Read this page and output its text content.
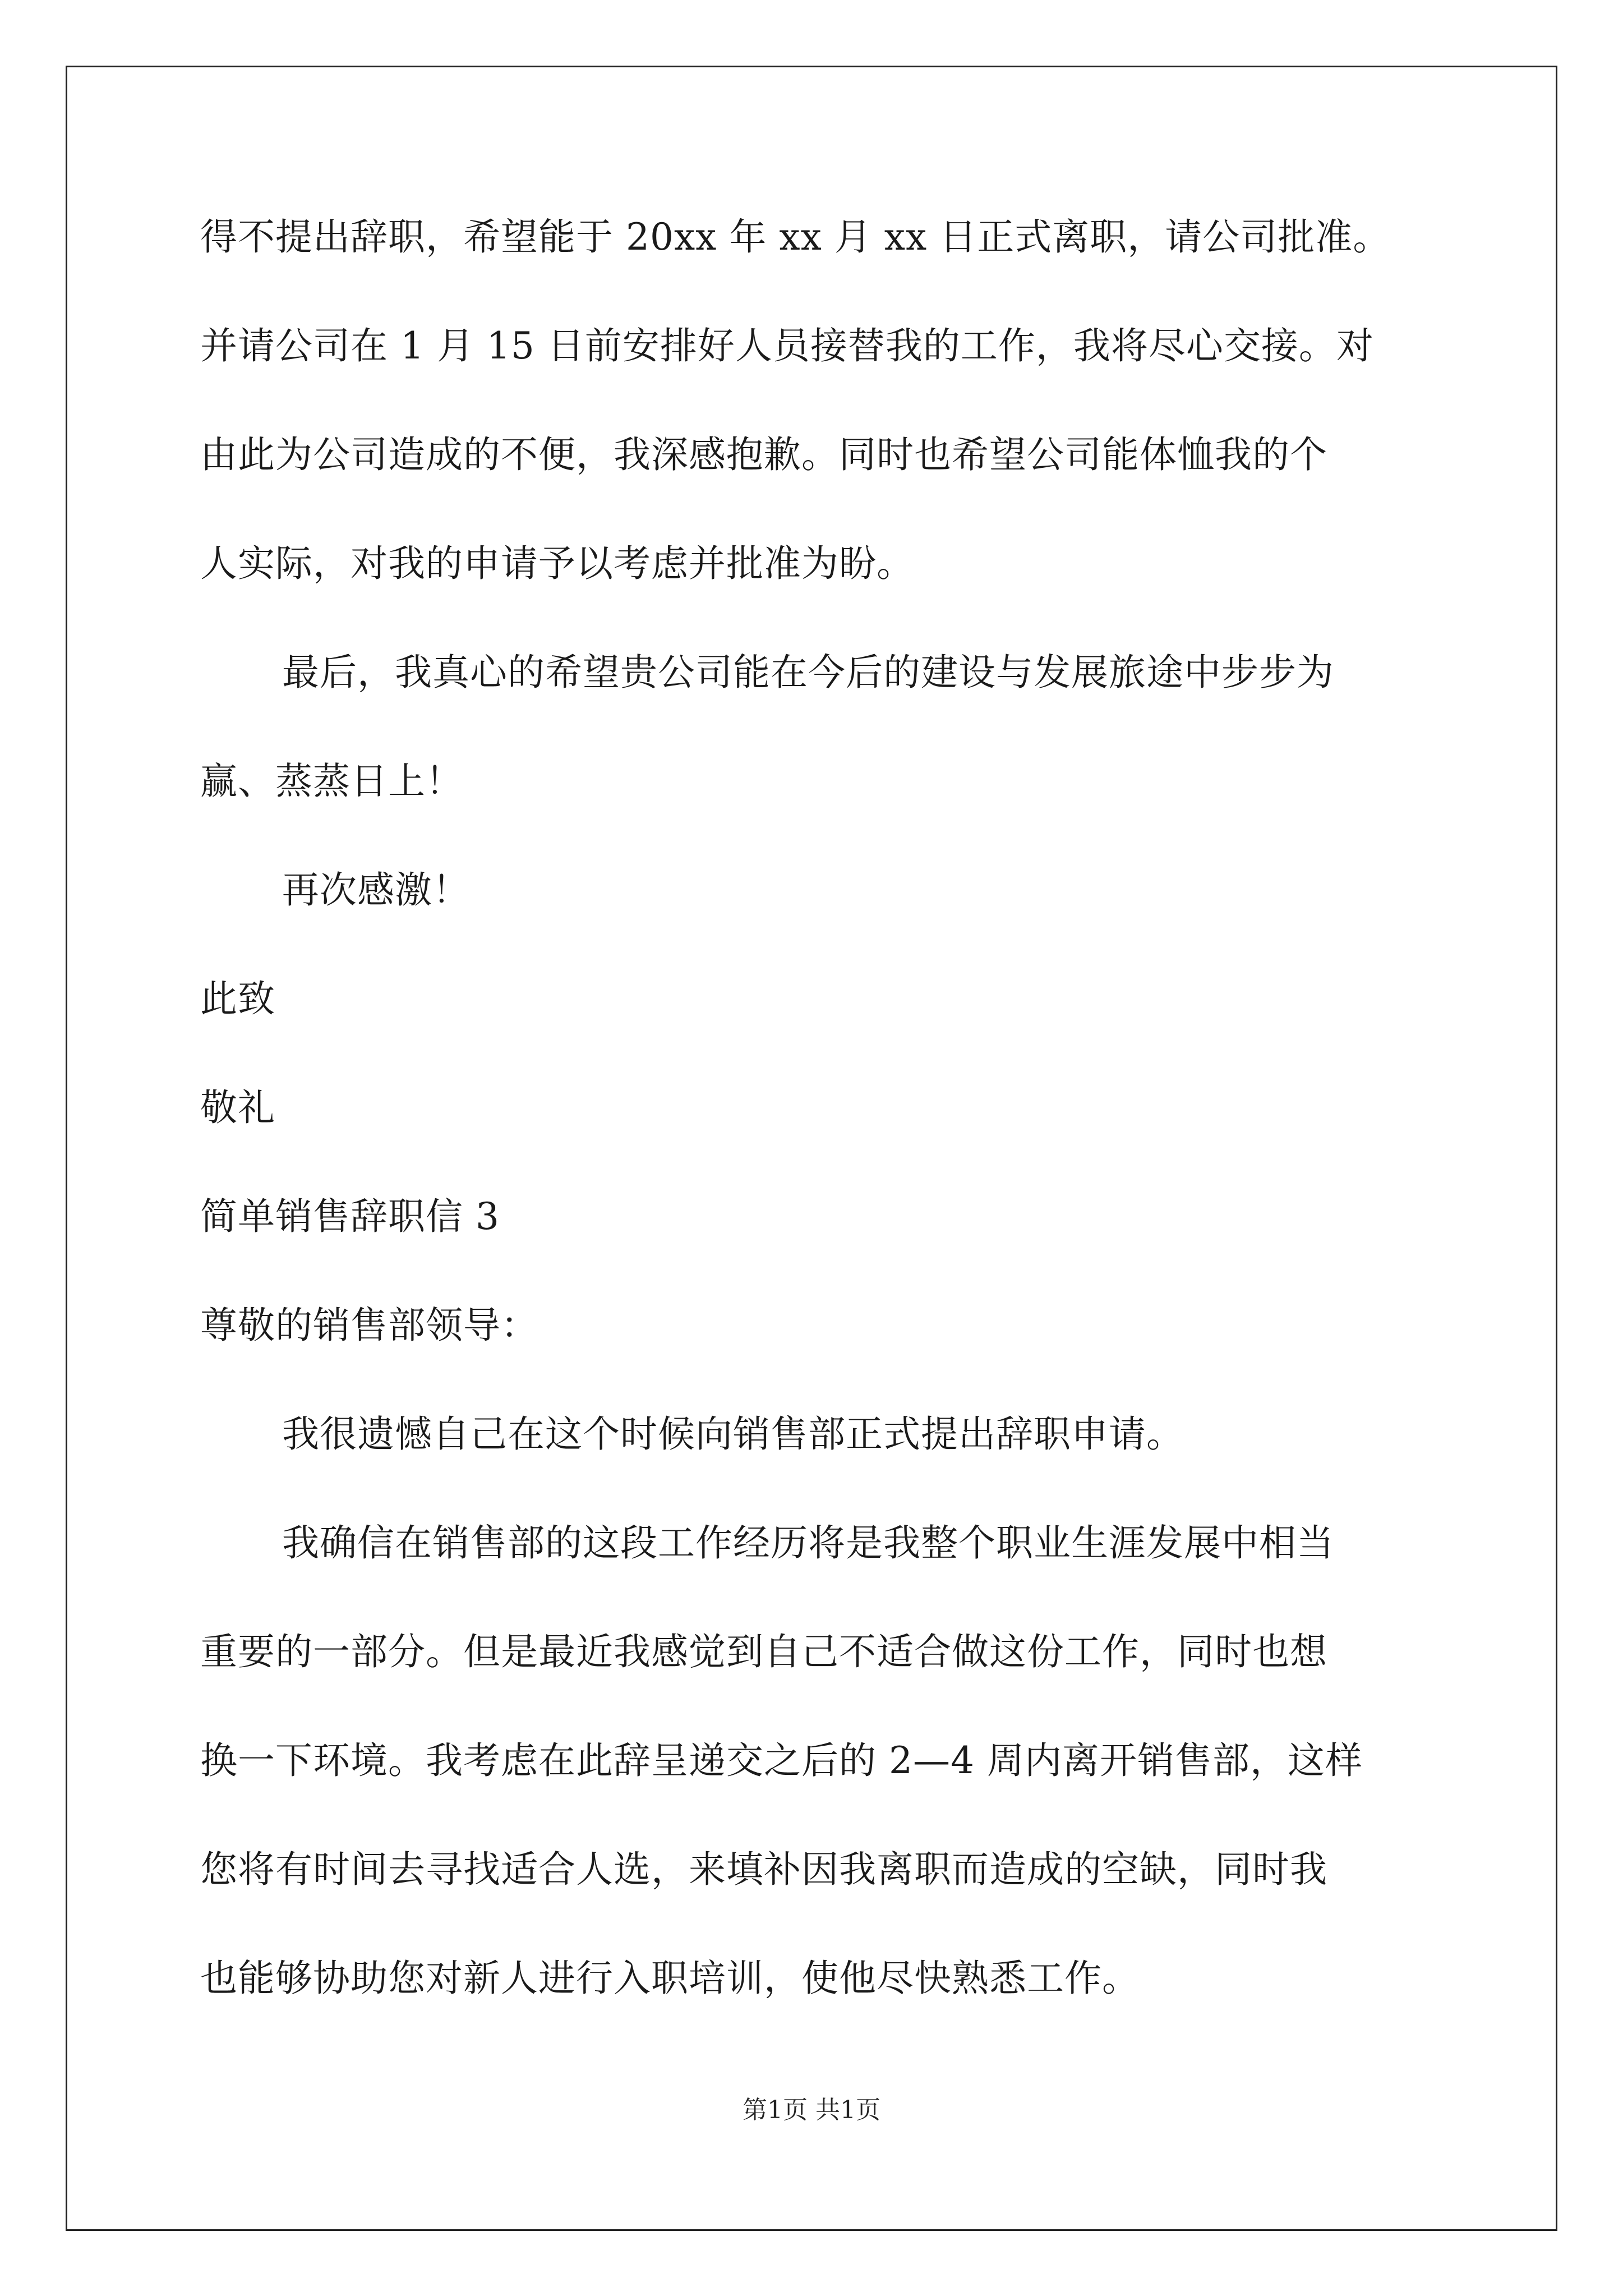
得不提出辞职，希望能于 20xx 年 xx 月 xx 日正式离职，请公司批准。
并请公司在 1 月 15 日前安排好人员接替我的工作，我将尽心交接。对
由此为公司造成的不便，我深感抱歉。同时也希望公司能体恤我的个
人实际，对我的申请予以考虑并批准为盼。
最后，我真心的希望贵公司能在今后的建设与发展旅途中步步为
赢、蒸蒸日上！
再次感激！
此致
敬礼
简单销售辞职信 3
尊敬的销售部领导：
我很遗憾自己在这个时候向销售部正式提出辞职申请。
我确信在销售部的这段工作经历将是我整个职业生涯发展中相当
重要的一部分。但是最近我感觉到自己不适合做这份工作，同时也想
换一下环境。我考虑在此辞呈递交之后的 2—4 周内离开销售部，这样
您将有时间去寻找适合人选，来填补因我离职而造成的空缺，同时我
也能够协助您对新人进行入职培训，使他尽快熟悉工作。
第1页 共1页
